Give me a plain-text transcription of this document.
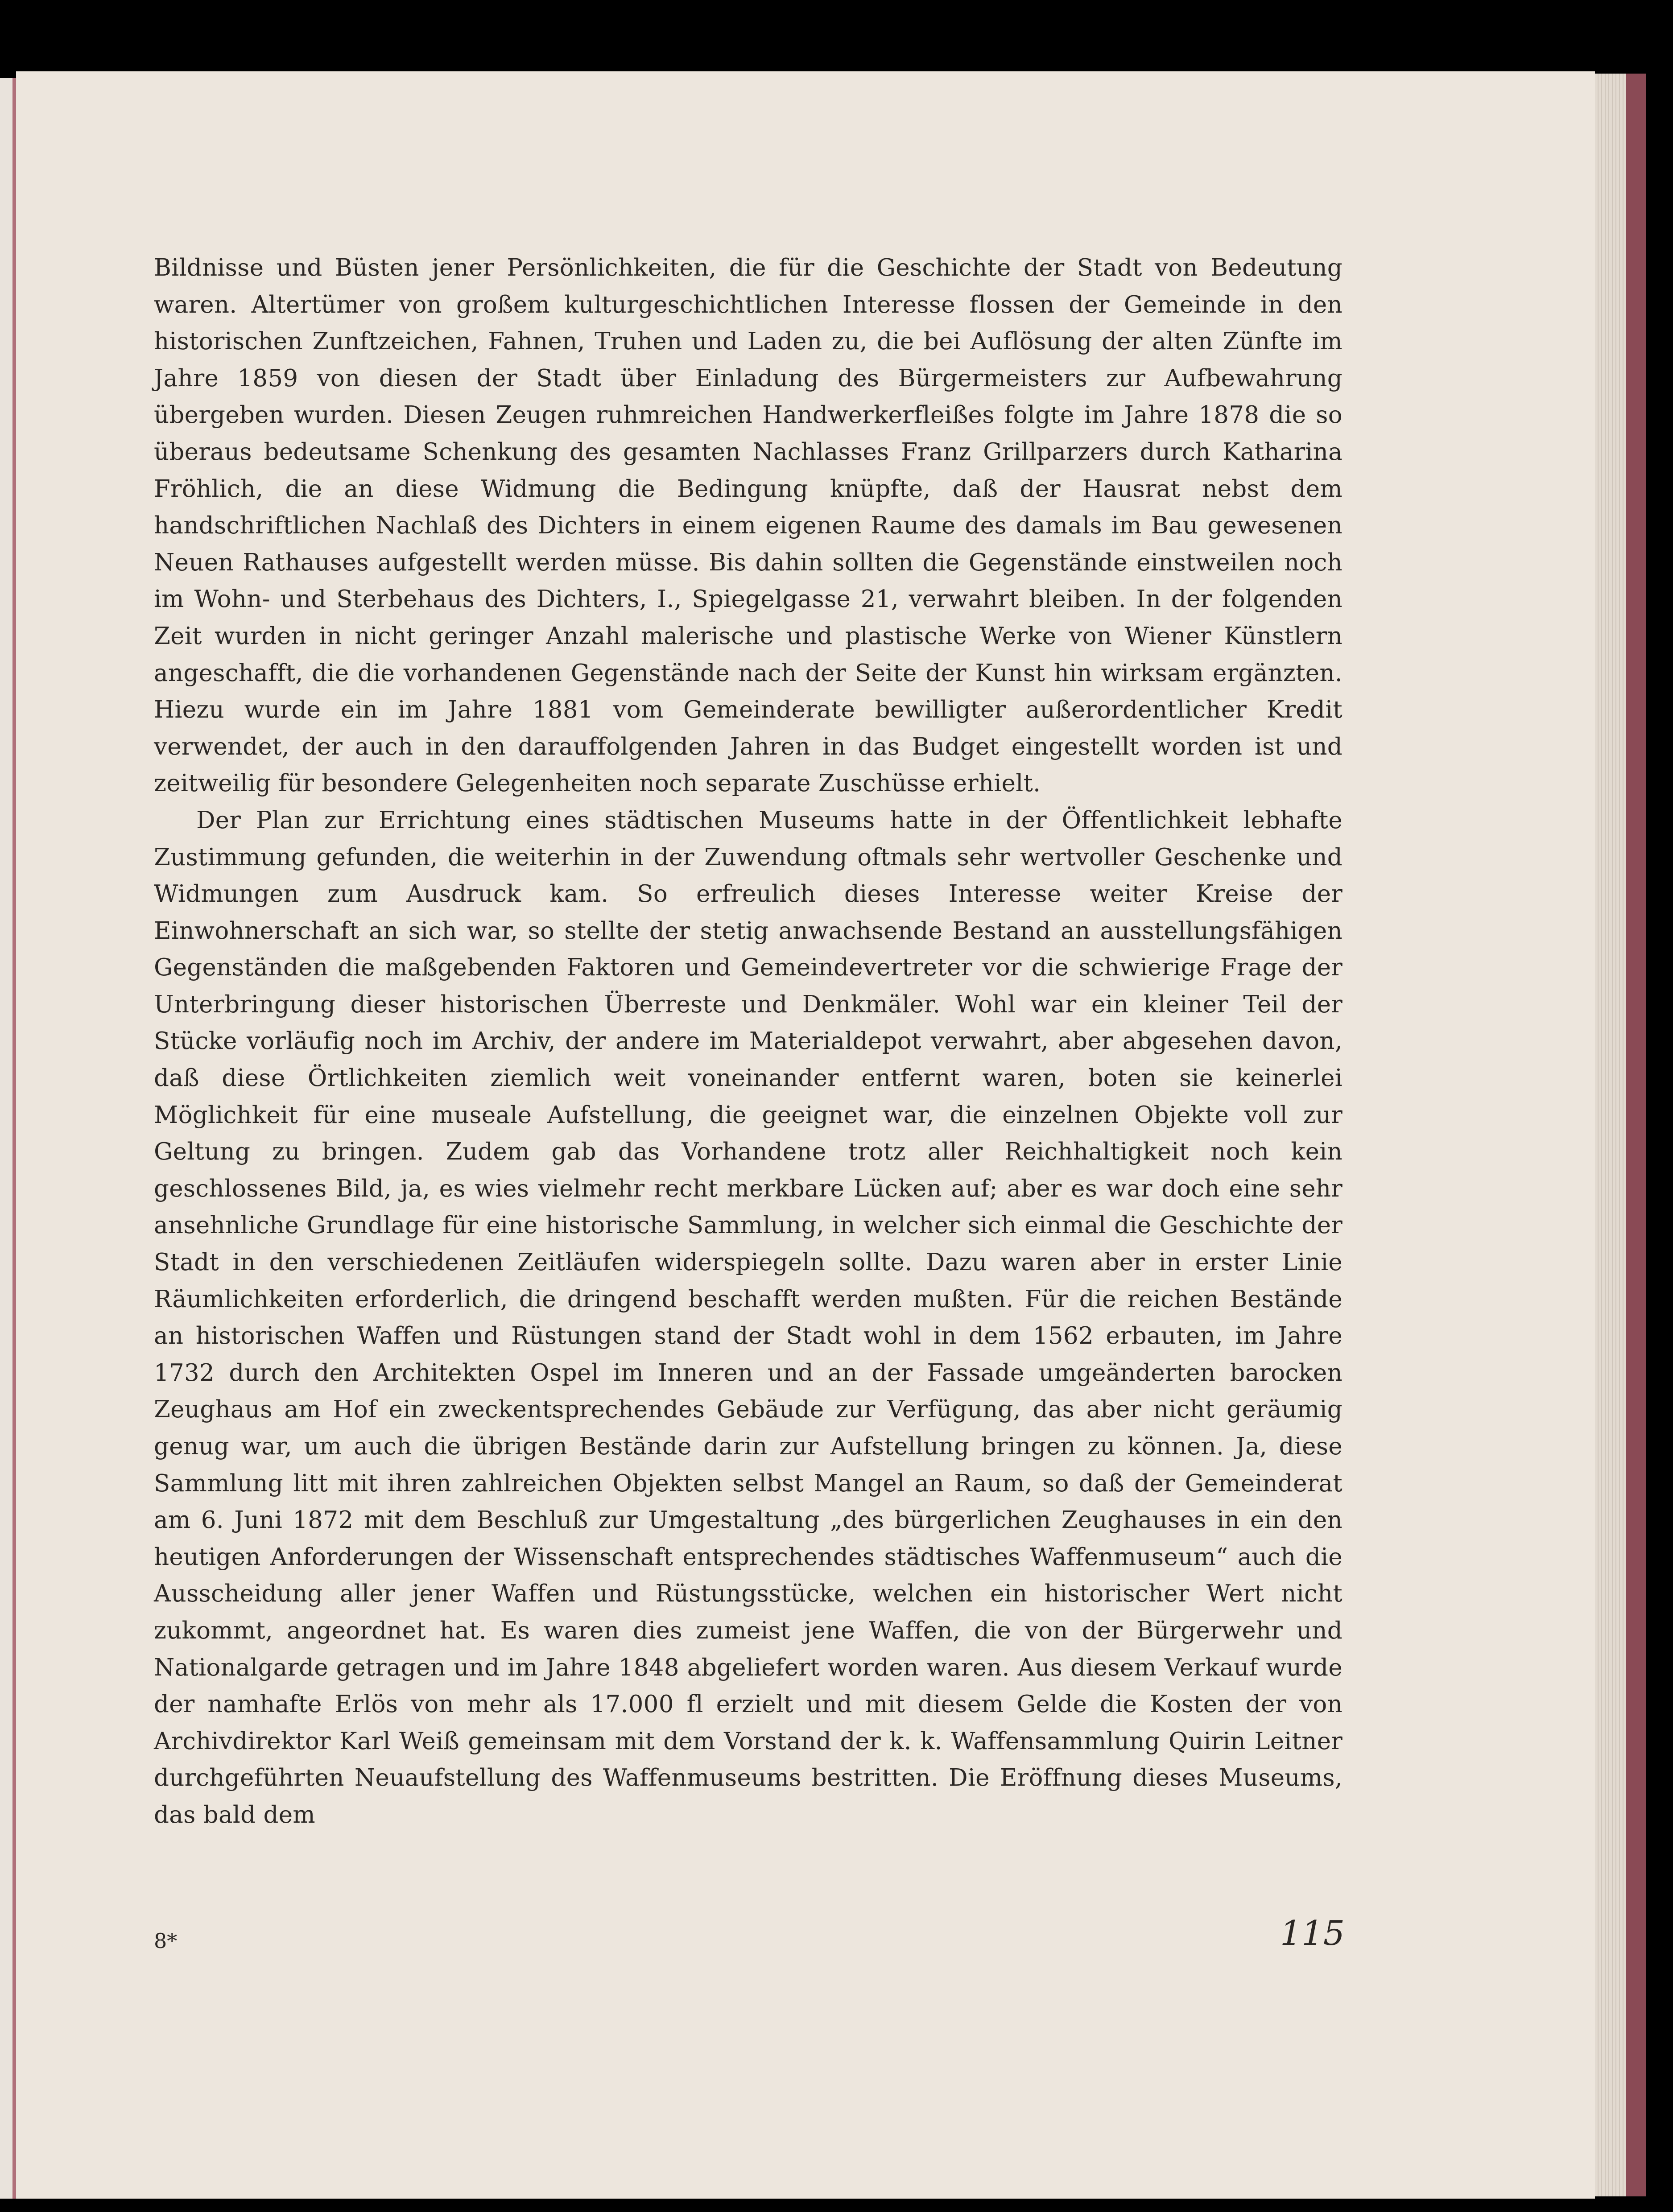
Bildnisse und Büsten jener Persönlichkeiten, die für die Geschichte der Stadt von Bedeutung waren. Altertümer von großem kulturgeschichtlichen Interesse flossen der Gemeinde in den historischen Zunftzeichen, Fahnen, Truhen und Laden zu, die bei Auflösung der alten Zünfte im Jahre 1859 von diesen der Stadt über Einladung des Bürgermeisters zur Aufbewahrung übergeben wurden. Diesen Zeugen ruhmreichen Handwerkerfleißes folgte im Jahre 1878 die so überaus bedeutsame Schenkung des gesamten Nachlasses Franz Grillparzers durch Katharina Fröhlich, die an diese Widmung die Bedingung knüpfte, daß der Hausrat nebst dem handschriftlichen Nachlaß des Dichters in einem eigenen Raume des damals im Bau gewesenen Neuen Rathauses aufgestellt werden müsse. Bis dahin sollten die Gegenstände einstweilen noch im Wohn- und Sterbehaus des Dichters, I., Spiegelgasse 21, verwahrt bleiben. In der folgenden Zeit wurden in nicht geringer Anzahl malerische und plastische Werke von Wiener Künstlern angeschafft, die die vorhandenen Gegenstände nach der Seite der Kunst hin wirksam ergänzten. Hiezu wurde ein im Jahre 1881 vom Gemeinderate bewilligter außerordentlicher Kredit verwendet, der auch in den darauffolgenden Jahren in das Budget eingestellt worden ist und zeitweilig für besondere Gelegenheiten noch separate Zuschüsse erhielt.

Der Plan zur Errichtung eines städtischen Museums hatte in der Öffentlichkeit lebhafte Zustimmung gefunden, die weiterhin in der Zuwendung oftmals sehr wertvoller Geschenke und Widmungen zum Ausdruck kam. So erfreulich dieses Interesse weiter Kreise der Einwohnerschaft an sich war, so stellte der stetig anwachsende Bestand an ausstellungsfähigen Gegenständen die maßgebenden Faktoren und Gemeindevertreter vor die schwierige Frage der Unterbringung dieser historischen Überreste und Denkmäler. Wohl war ein kleiner Teil der Stücke vorläufig noch im Archiv, der andere im Materialdepot verwahrt, aber abgesehen davon, daß diese Örtlichkeiten ziemlich weit voneinander entfernt waren, boten sie keinerlei Möglichkeit für eine museale Aufstellung, die geeignet war, die einzelnen Objekte voll zur Geltung zu bringen. Zudem gab das Vorhandene trotz aller Reichhaltigkeit noch kein geschlossenes Bild, ja, es wies vielmehr recht merkbare Lücken auf; aber es war doch eine sehr ansehnliche Grundlage für eine historische Sammlung, in welcher sich einmal die Geschichte der Stadt in den verschiedenen Zeitläufen widerspiegeln sollte. Dazu waren aber in erster Linie Räumlichkeiten erforderlich, die dringend beschafft werden mußten. Für die reichen Bestände an historischen Waffen und Rüstungen stand der Stadt wohl in dem 1562 erbauten, im Jahre 1732 durch den Architekten Ospel im Inneren und an der Fassade umgeänderten barocken Zeughaus am Hof ein zweckentsprechendes Gebäude zur Verfügung, das aber nicht geräumig genug war, um auch die übrigen Bestände darin zur Aufstellung bringen zu können. Ja, diese Sammlung litt mit ihren zahlreichen Objekten selbst Mangel an Raum, so daß der Gemeinderat am 6. Juni 1872 mit dem Beschluß zur Umgestaltung „des bürgerlichen Zeughauses in ein den heutigen Anforderungen der Wissenschaft entsprechendes städtisches Waffenmuseum“ auch die Ausscheidung aller jener Waffen und Rüstungsstücke, welchen ein historischer Wert nicht zukommt, angeordnet hat. Es waren dies zumeist jene Waffen, die von der Bürgerwehr und Nationalgarde getragen und im Jahre 1848 abgeliefert worden waren. Aus diesem Verkauf wurde der namhafte Erlös von mehr als 17.000 fl erzielt und mit diesem Gelde die Kosten der von Archivdirektor Karl Weiß gemeinsam mit dem Vorstand der k. k. Waffensammlung Quirin Leitner durchgeführten Neuaufstellung des Waffenmuseums bestritten. Die Eröffnung dieses Museums, das bald dem

8*	115
